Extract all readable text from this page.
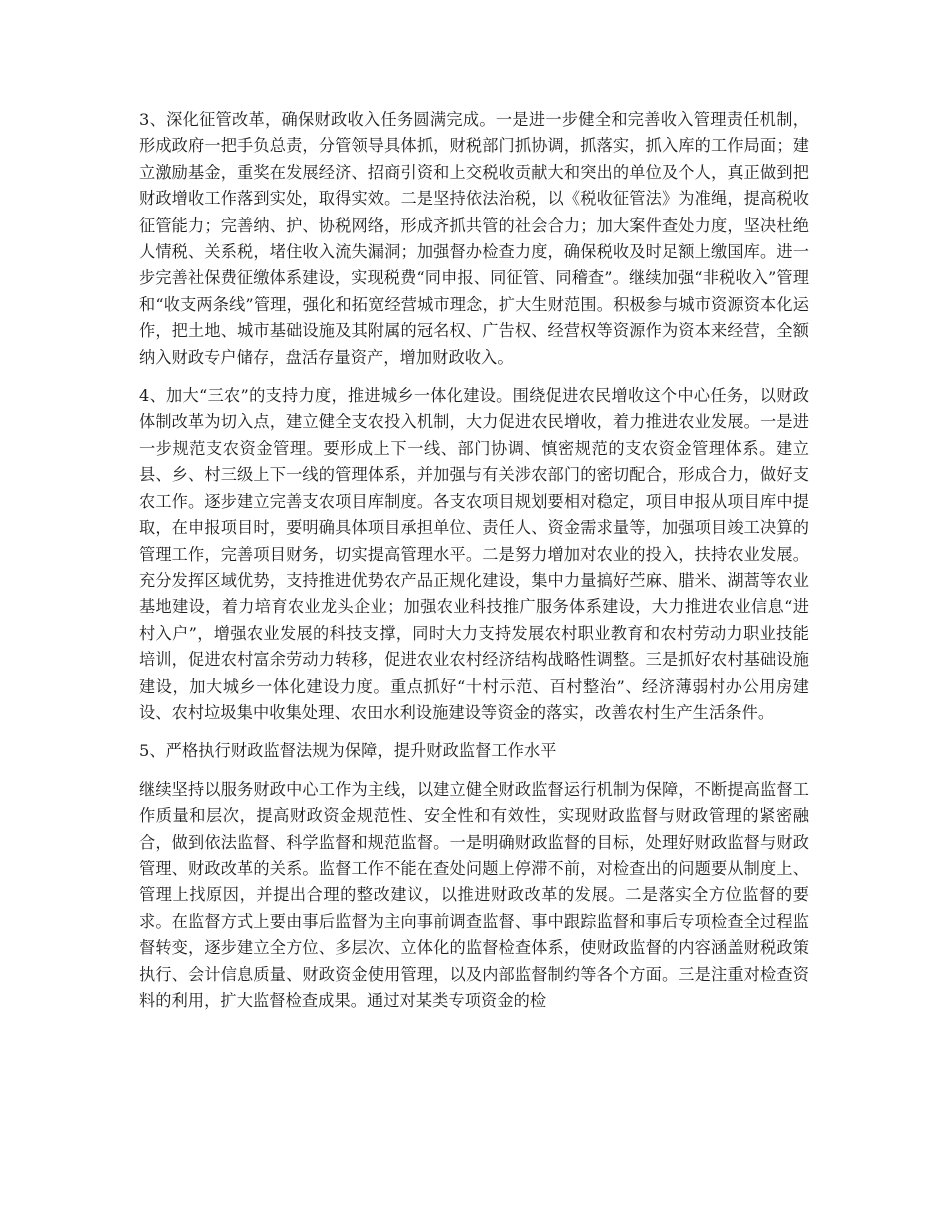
3、深化征管改革，确保财政收入任务圆满完成。一是进一步健全和完善收入管理责任机制，形成政府一把手负总责，分管领导具体抓，财税部门抓协调，抓落实，抓入库的工作局面；建立激励基金，重奖在发展经济、招商引资和上交税收贡献大和突出的单位及个人，真正做到把财政增收工作落到实处，取得实效。二是坚持依法治税，以《税收征管法》为准绳，提高税收征管能力；完善纳、护、协税网络，形成齐抓共管的社会合力；加大案件查处力度，坚决杜绝人情税、关系税，堵住收入流失漏洞；加强督办检查力度，确保税收及时足额上缴国库。进一步完善社保费征缴体系建设，实现税费“同申报、同征管、同稽查”。继续加强“非税收入”管理和“收支两条线”管理，强化和拓宽经营城市理念，扩大生财范围。积极参与城市资源资本化运作，把土地、城市基础设施及其附属的冠名权、广告权、经营权等资源作为资本来经营，全额纳入财政专户储存，盘活存量资产，增加财政收入。

4、加大“三农”的支持力度，推进城乡一体化建设。围绕促进农民增收这个中心任务，以财政体制改革为切入点，建立健全支农投入机制，大力促进农民增收，着力推进农业发展。一是进一步规范支农资金管理。要形成上下一线、部门协调、慎密规范的支农资金管理体系。建立县、乡、村三级上下一线的管理体系，并加强与有关涉农部门的密切配合，形成合力，做好支农工作。逐步建立完善支农项目库制度。各支农项目规划要相对稳定，项目申报从项目库中提取，在申报项目时，要明确具体项目承担单位、责任人、资金需求量等，加强项目竣工决算的管理工作，完善项目财务，切实提高管理水平。二是努力增加对农业的投入，扶持农业发展。充分发挥区域优势，支持推进优势农产品正规化建设，集中力量搞好苎麻、腊米、湖蒿等农业基地建设，着力培育农业龙头企业；加强农业科技推广服务体系建设，大力推进农业信息“进村入户”，增强农业发展的科技支撑，同时大力支持发展农村职业教育和农村劳动力职业技能培训，促进农村富余劳动力转移，促进农业农村经济结构战略性调整。三是抓好农村基础设施建设，加大城乡一体化建设力度。重点抓好“十村示范、百村整治”、经济薄弱村办公用房建设、农村垃圾集中收集处理、农田水利设施建设等资金的落实，改善农村生产生活条件。

5、严格执行财政监督法规为保障，提升财政监督工作水平

继续坚持以服务财政中心工作为主线，以建立健全财政监督运行机制为保障，不断提高监督工作质量和层次，提高财政资金规范性、安全性和有效性，实现财政监督与财政管理的紧密融合，做到依法监督、科学监督和规范监督。一是明确财政监督的目标，处理好财政监督与财政管理、财政改革的关系。监督工作不能在查处问题上停滞不前，对检查出的问题要从制度上、管理上找原因，并提出合理的整改建议，以推进财政改革的发展。二是落实全方位监督的要求。在监督方式上要由事后监督为主向事前调查监督、事中跟踪监督和事后专项检查全过程监督转变，逐步建立全方位、多层次、立体化的监督检查体系，使财政监督的内容涵盖财税政策执行、会计信息质量、财政资金使用管理，以及内部监督制约等各个方面。三是注重对检查资料的利用，扩大监督检查成果。通过对某类专项资金的检
